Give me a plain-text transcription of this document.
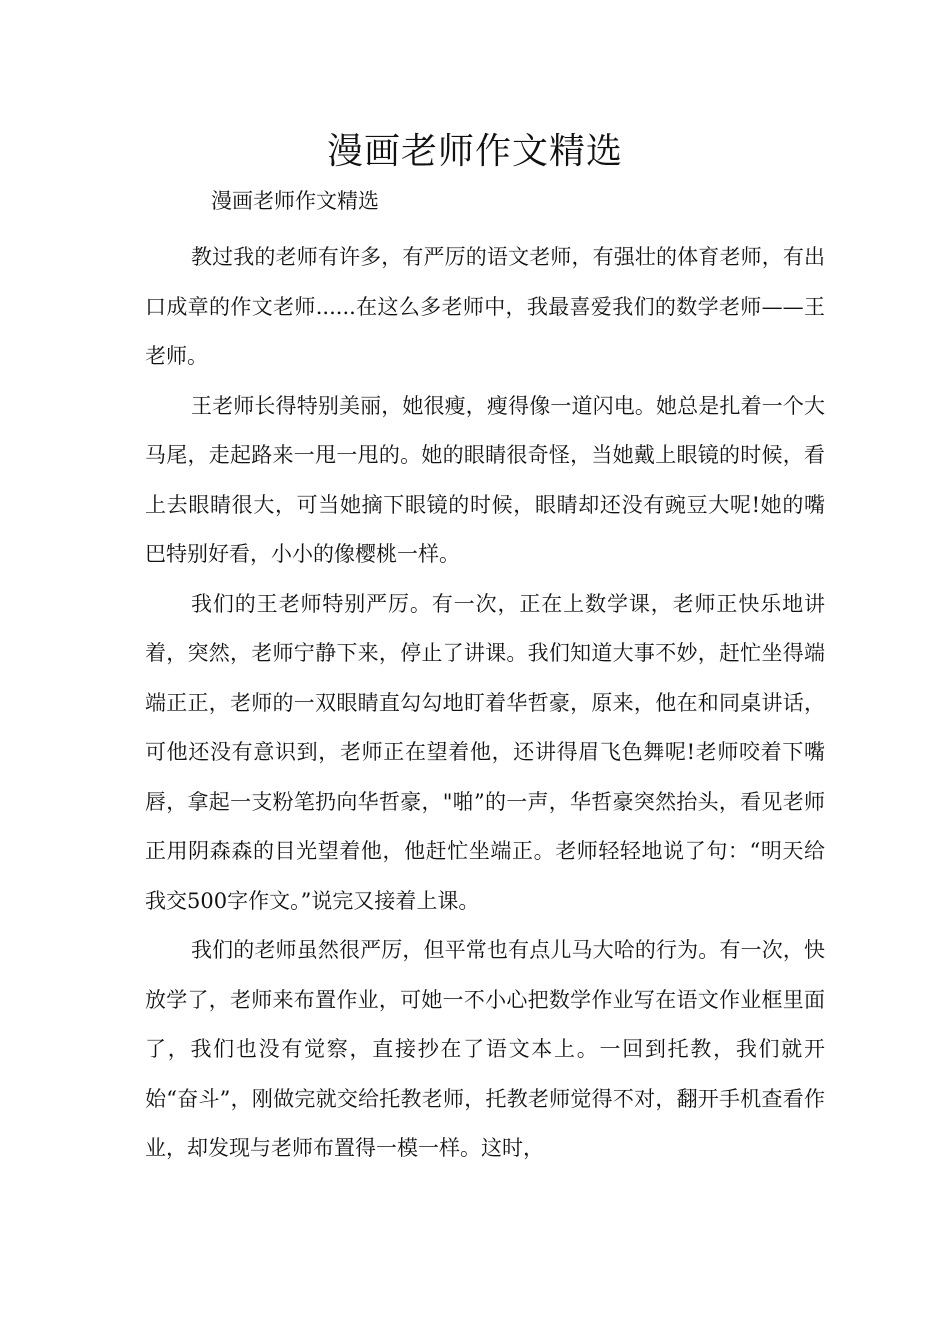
漫画老师作文精选
漫画老师作文精选

教过我的老师有许多，有严厉的语文老师，有强壮的体育老师，有出口成章的作文老师......在这么多老师中，我最喜爱我们的数学老师——王老师。

王老师长得特别美丽，她很瘦，瘦得像一道闪电。她总是扎着一个大马尾，走起路来一甩一甩的。她的眼睛很奇怪，当她戴上眼镜的时候，看上去眼睛很大，可当她摘下眼镜的时候，眼睛却还没有豌豆大呢!她的嘴巴特别好看，小小的像樱桃一样。

我们的王老师特别严厉。有一次，正在上数学课，老师正快乐地讲着，突然，老师宁静下来，停止了讲课。我们知道大事不妙，赶忙坐得端端正正，老师的一双眼睛直勾勾地盯着华哲豪，原来，他在和同桌讲话，可他还没有意识到，老师正在望着他，还讲得眉飞色舞呢!老师咬着下嘴唇，拿起一支粉笔扔向华哲豪，"啪”的一声，华哲豪突然抬头，看见老师正用阴森森的目光望着他，他赶忙坐端正。老师轻轻地说了句：“明天给我交500字作文。”说完又接着上课。

我们的老师虽然很严厉，但平常也有点儿马大哈的行为。有一次，快放学了，老师来布置作业，可她一不小心把数学作业写在语文作业框里面了，我们也没有觉察，直接抄在了语文本上。一回到托教，我们就开始“奋斗”，刚做完就交给托教老师，托教老师觉得不对，翻开手机查看作业，却发现与老师布置得一模一样。这时，
